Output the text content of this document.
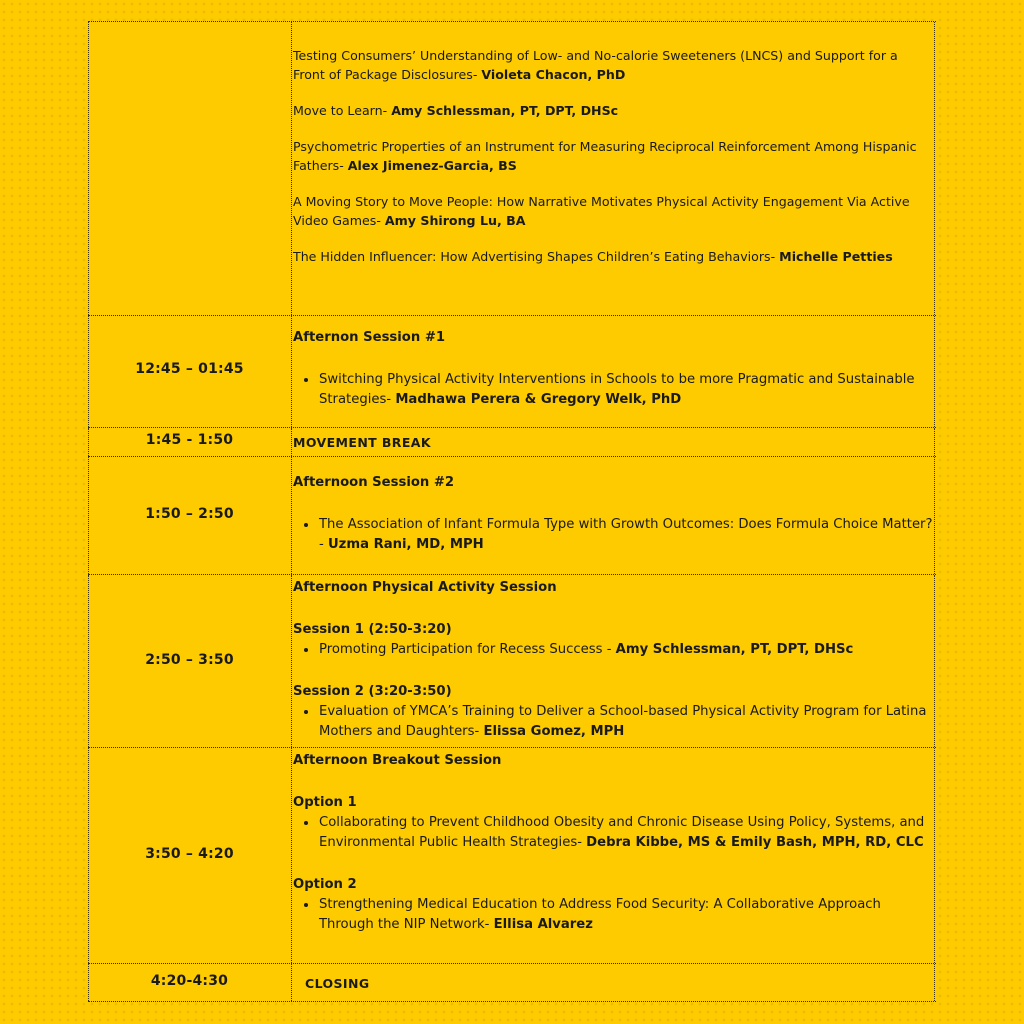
Testing Consumers’ Understanding of Low- and No-calorie Sweeteners (LNCS) and Support for a Front of Package Disclosures- Violeta Chacon, PhD

Move to Learn- Amy Schlessman, PT, DPT, DHSc

Psychometric Properties of an Instrument for Measuring Reciprocal Reinforcement Among Hispanic Fathers- Alex Jimenez-Garcia, BS

A Moving Story to Move People: How Narrative Motivates Physical Activity Engagement Via Active Video Games- Amy Shirong Lu, BA

The Hidden Influencer: How Advertising Shapes Children’s Eating Behaviors- Michelle Petties

12:45 – 01:45

Afternon Session #1

Switching Physical Activity Interventions in Schools to be more Pragmatic and Sustainable Strategies- Madhawa Perera & Gregory Welk, PhD

1:45 - 1:50	MOVEMENT BREAK
1:50 – 2:50

Afternoon Session #2

The Association of Infant Formula Type with Growth Outcomes: Does Formula Choice Matter?- Uzma Rani, MD, MPH

2:50 – 3:50

Afternoon Physical Activity Session

Session 1 (2:50-3:20)

Promoting Participation for Recess Success - Amy Schlessman, PT, DPT, DHSc

Session 2 (3:20-3:50)

Evaluation of YMCA’s Training to Deliver a School-based Physical Activity Program for Latina Mothers and Daughters- Elissa Gomez, MPH

3:50 – 4:20

Afternoon Breakout Session

Option 1

Collaborating to Prevent Childhood Obesity and Chronic Disease Using Policy, Systems, and Environmental Public Health Strategies- Debra Kibbe, MS & Emily Bash, MPH, RD, CLC

Option 2

Strengthening Medical Education to Address Food Security: A Collaborative Approach Through the NIP Network- Ellisa Alvarez

4:20-4:30	CLOSING
